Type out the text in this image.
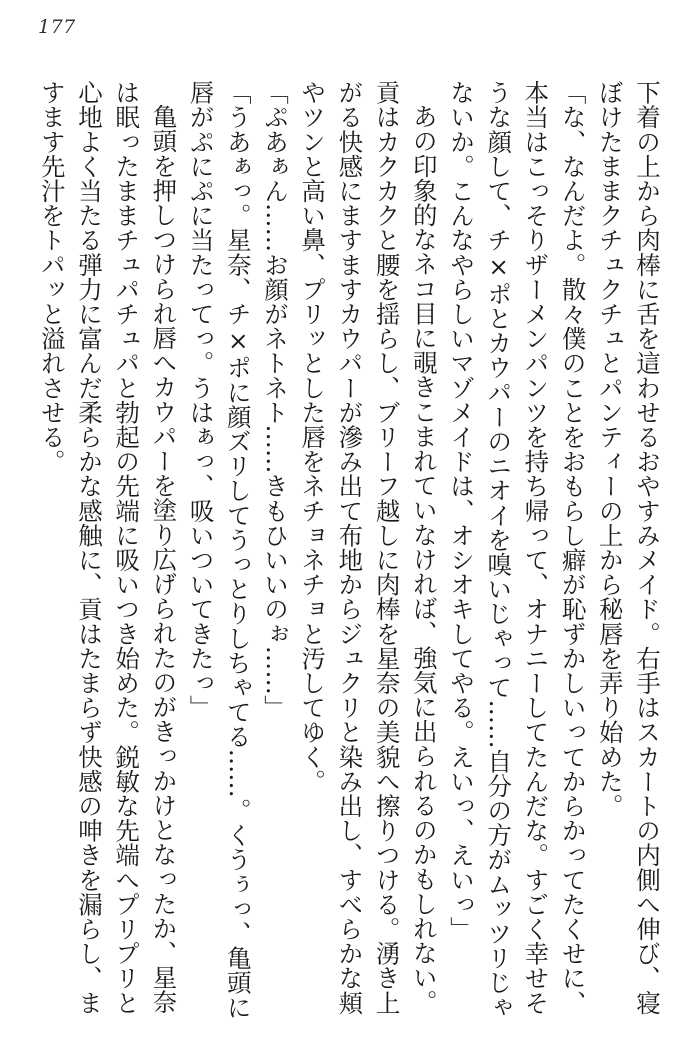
177
下着の上から肉棒に舌を這わせるおやすみメイド。右手はスカートの内側へ伸び、寝
ぼけたままクチュクチュとパンティーの上から秘唇を弄り始めた。
「な、なんだよ。散々僕のことをおもらし癖が恥ずかしいってからかってたくせに、
本当はこっそりザーメンパンツを持ち帰って、オナニーしてたんだな。すごく幸せそ
うな顔して、チ×ポとカウパーのニオイを嗅いじゃって……自分の方がムッツリじゃ
ないか。こんなやらしいマゾメイドは、オシオキしてやる。えいっ、えいっ」
あの印象的なネコ目に覗きこまれていなければ、強気に出られるのかもしれない。
貢はカクカクと腰を揺らし、ブリーフ越しに肉棒を星奈の美貌へ擦りつける。湧き上
がる快感にますますカウパーが滲み出て布地からジュクリと染み出し、すべらかな頬
やツンと高い鼻、プリッとした唇をネチョネチョと汚してゆく。
「ぷあぁん……お顔がネトネト……きもひいいのぉ……」
「うあぁっ。星奈、チ×ポに顔ズリしてうっとりしちゃてる……。くうぅっ、亀頭に
唇がぷにぷに当たってっ。うはぁっ、吸いついてきたっ」
亀頭を押しつけられ唇へカウパーを塗り広げられたのがきっかけとなったか、星奈
は眠ったままチュパチュパと勃起の先端に吸いつき始めた。鋭敏な先端へプリプリと
心地よく当たる弾力に富んだ柔らかな感触に、貢はたまらず快感の呻きを漏らし、ま
すます先汁をトパッと溢れさせる。
